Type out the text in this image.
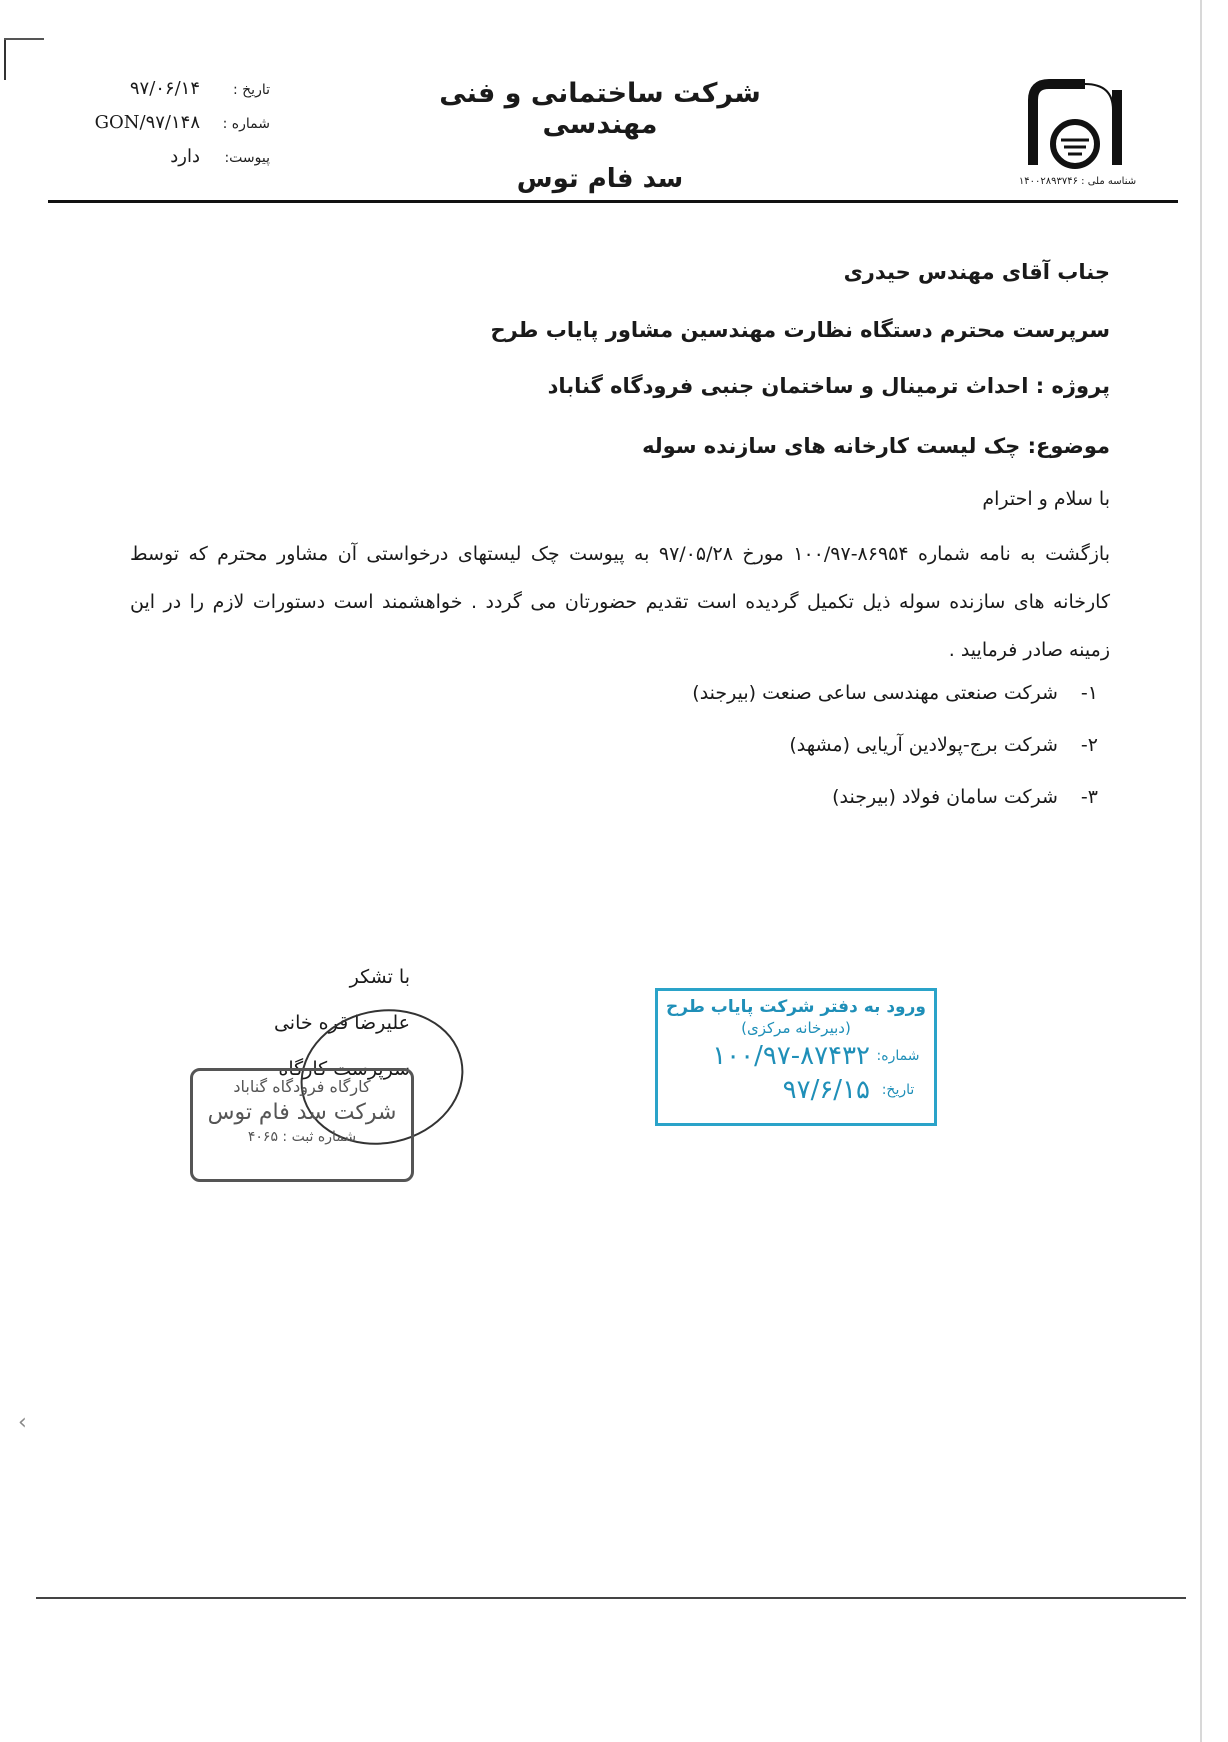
تاریخ :
۹۷/۰۶/۱۴
شماره :
GON/۹۷/۱۴۸
پیوست:
دارد

شرکت ساختمانی و فنی مهندسی

سد فام توس	شناسه ملی : ۱۴۰۰۲۸۹۳۷۴۶
جناب آقای مهندس حیدری
سرپرست محترم دستگاه نظارت مهندسین مشاور پایاب طرح
پروژه : احداث ترمینال و ساختمان جنبی فرودگاه گناباد
موضوع: چک لیست کارخانه های سازنده سوله
با سلام و احترام
بازگشت به نامه شماره ۸۶۹۵۴-۱۰۰/۹۷ مورخ ۹۷/۰۵/۲۸ به پیوست چک لیستهای درخواستی آن مشاور محترم که توسط کارخانه های سازنده سوله ذیل تکمیل گردیده است تقدیم حضورتان می گردد . خواهشمند است دستورات لازم را در این زمینه صادر فرمایید .
۱- شرکت صنعتی مهندسی ساعی صنعت (بیرجند)
۲- شرکت برج-پولادین آریایی (مشهد)
۳- شرکت سامان فولاد (بیرجند)
با تشکر
علیرضا قره خانی
سرپرست کارگاه
کارگاه فرودگاه گناباد
شرکت سد فام توس
شماره ثبت : ۴۰۶۵
ورود به دفتر شرکت پایاب طرح
(دبیرخانه مرکزی)
شماره:
۱۰۰/۹۷-۸۷۴۳۲
تاریخ:
۹۷/۶/۱۵
‹
